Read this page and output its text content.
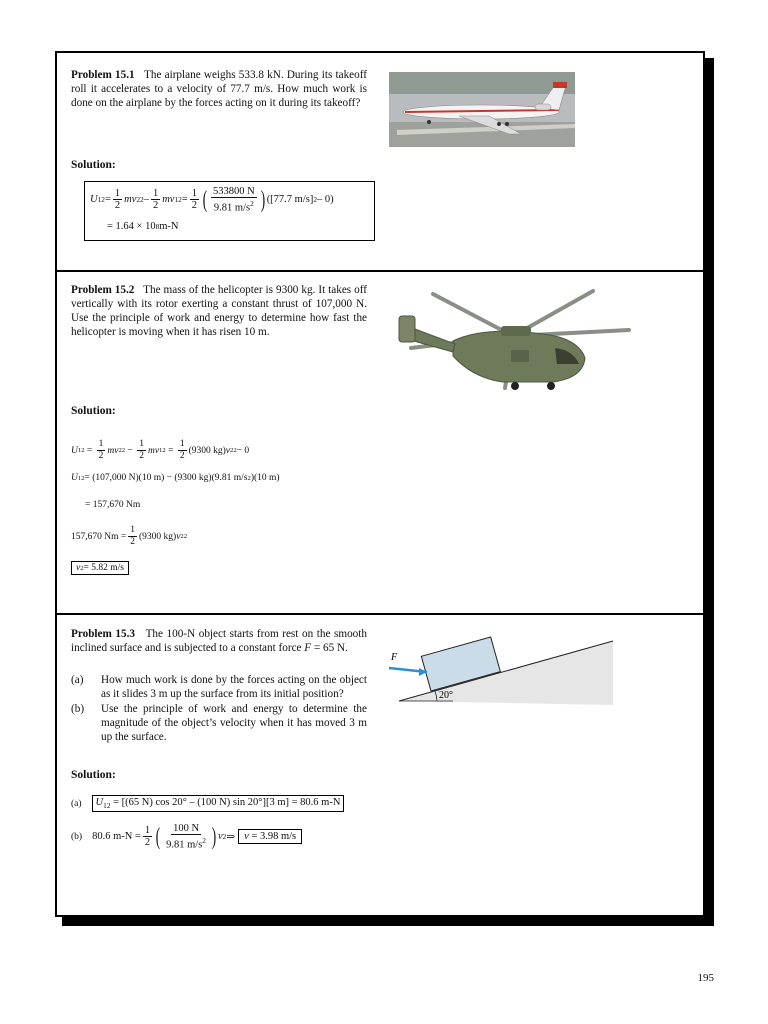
Problem 15.1 The airplane weighs 533.8 kN. During its takeoff roll it accelerates to a velocity of 77.7 m/s. How much work is done on the airplane by the forces acting on it during its takeoff?
Solution:
U $12 = \frac{1}{2}$ mv 2 $2 - \frac{1}{2}$ mv 1 $2 = \frac{1}{2}$ ( $\frac{533800 N}{9.81 m/s^2}$ ) ([77.7 m/s] 2 – 0)
= 1.64 × 10 8 m-N
Problem 15.2 The mass of the helicopter is 9300 kg. It takes off vertically with its rotor exerting a constant thrust of 107,000 N. Use the principle of work and energy to determine how fast the helicopter is moving when it has risen 10 m.
Solution:
U $12 = \frac{1}{2}$ mv 2 $2 - \frac{1}{2}$ mv 1 $2 = \frac{1}{2} (9300$ kg) v 2 2 − 0
U 12 = (107,000 N)(10 m) − (9300 kg)(9.81 m/s 2 )(10 m)
= 157,670 Nm
157,670 $Nm = \frac{1}{2} (9300$ kg) v 2 2
v 2 = 5.82 m/s
Problem 15.3 The 100-N object starts from rest on the smooth inclined surface and is subjected to a constant force F = 65 N.
(a)	How much work is done by the forces acting on the object as it slides 3 m up the surface from its initial position?
(b)	Use the principle of work and energy to determine the magnitude of the object’s velocity when it has moved 3 m up the surface.
20°
F
Solution:
(a)	$U_{12} = [(65$ N) cos 20° – (100 N) sin 20°][3 m] = 80.6 m-N
(b) 80.6 $m-N = \frac{1}{2}$ ( $\frac{100 N}{9.81 m/s^2}$ ) v 2 ⇒ v = 3.98 m/s
195
